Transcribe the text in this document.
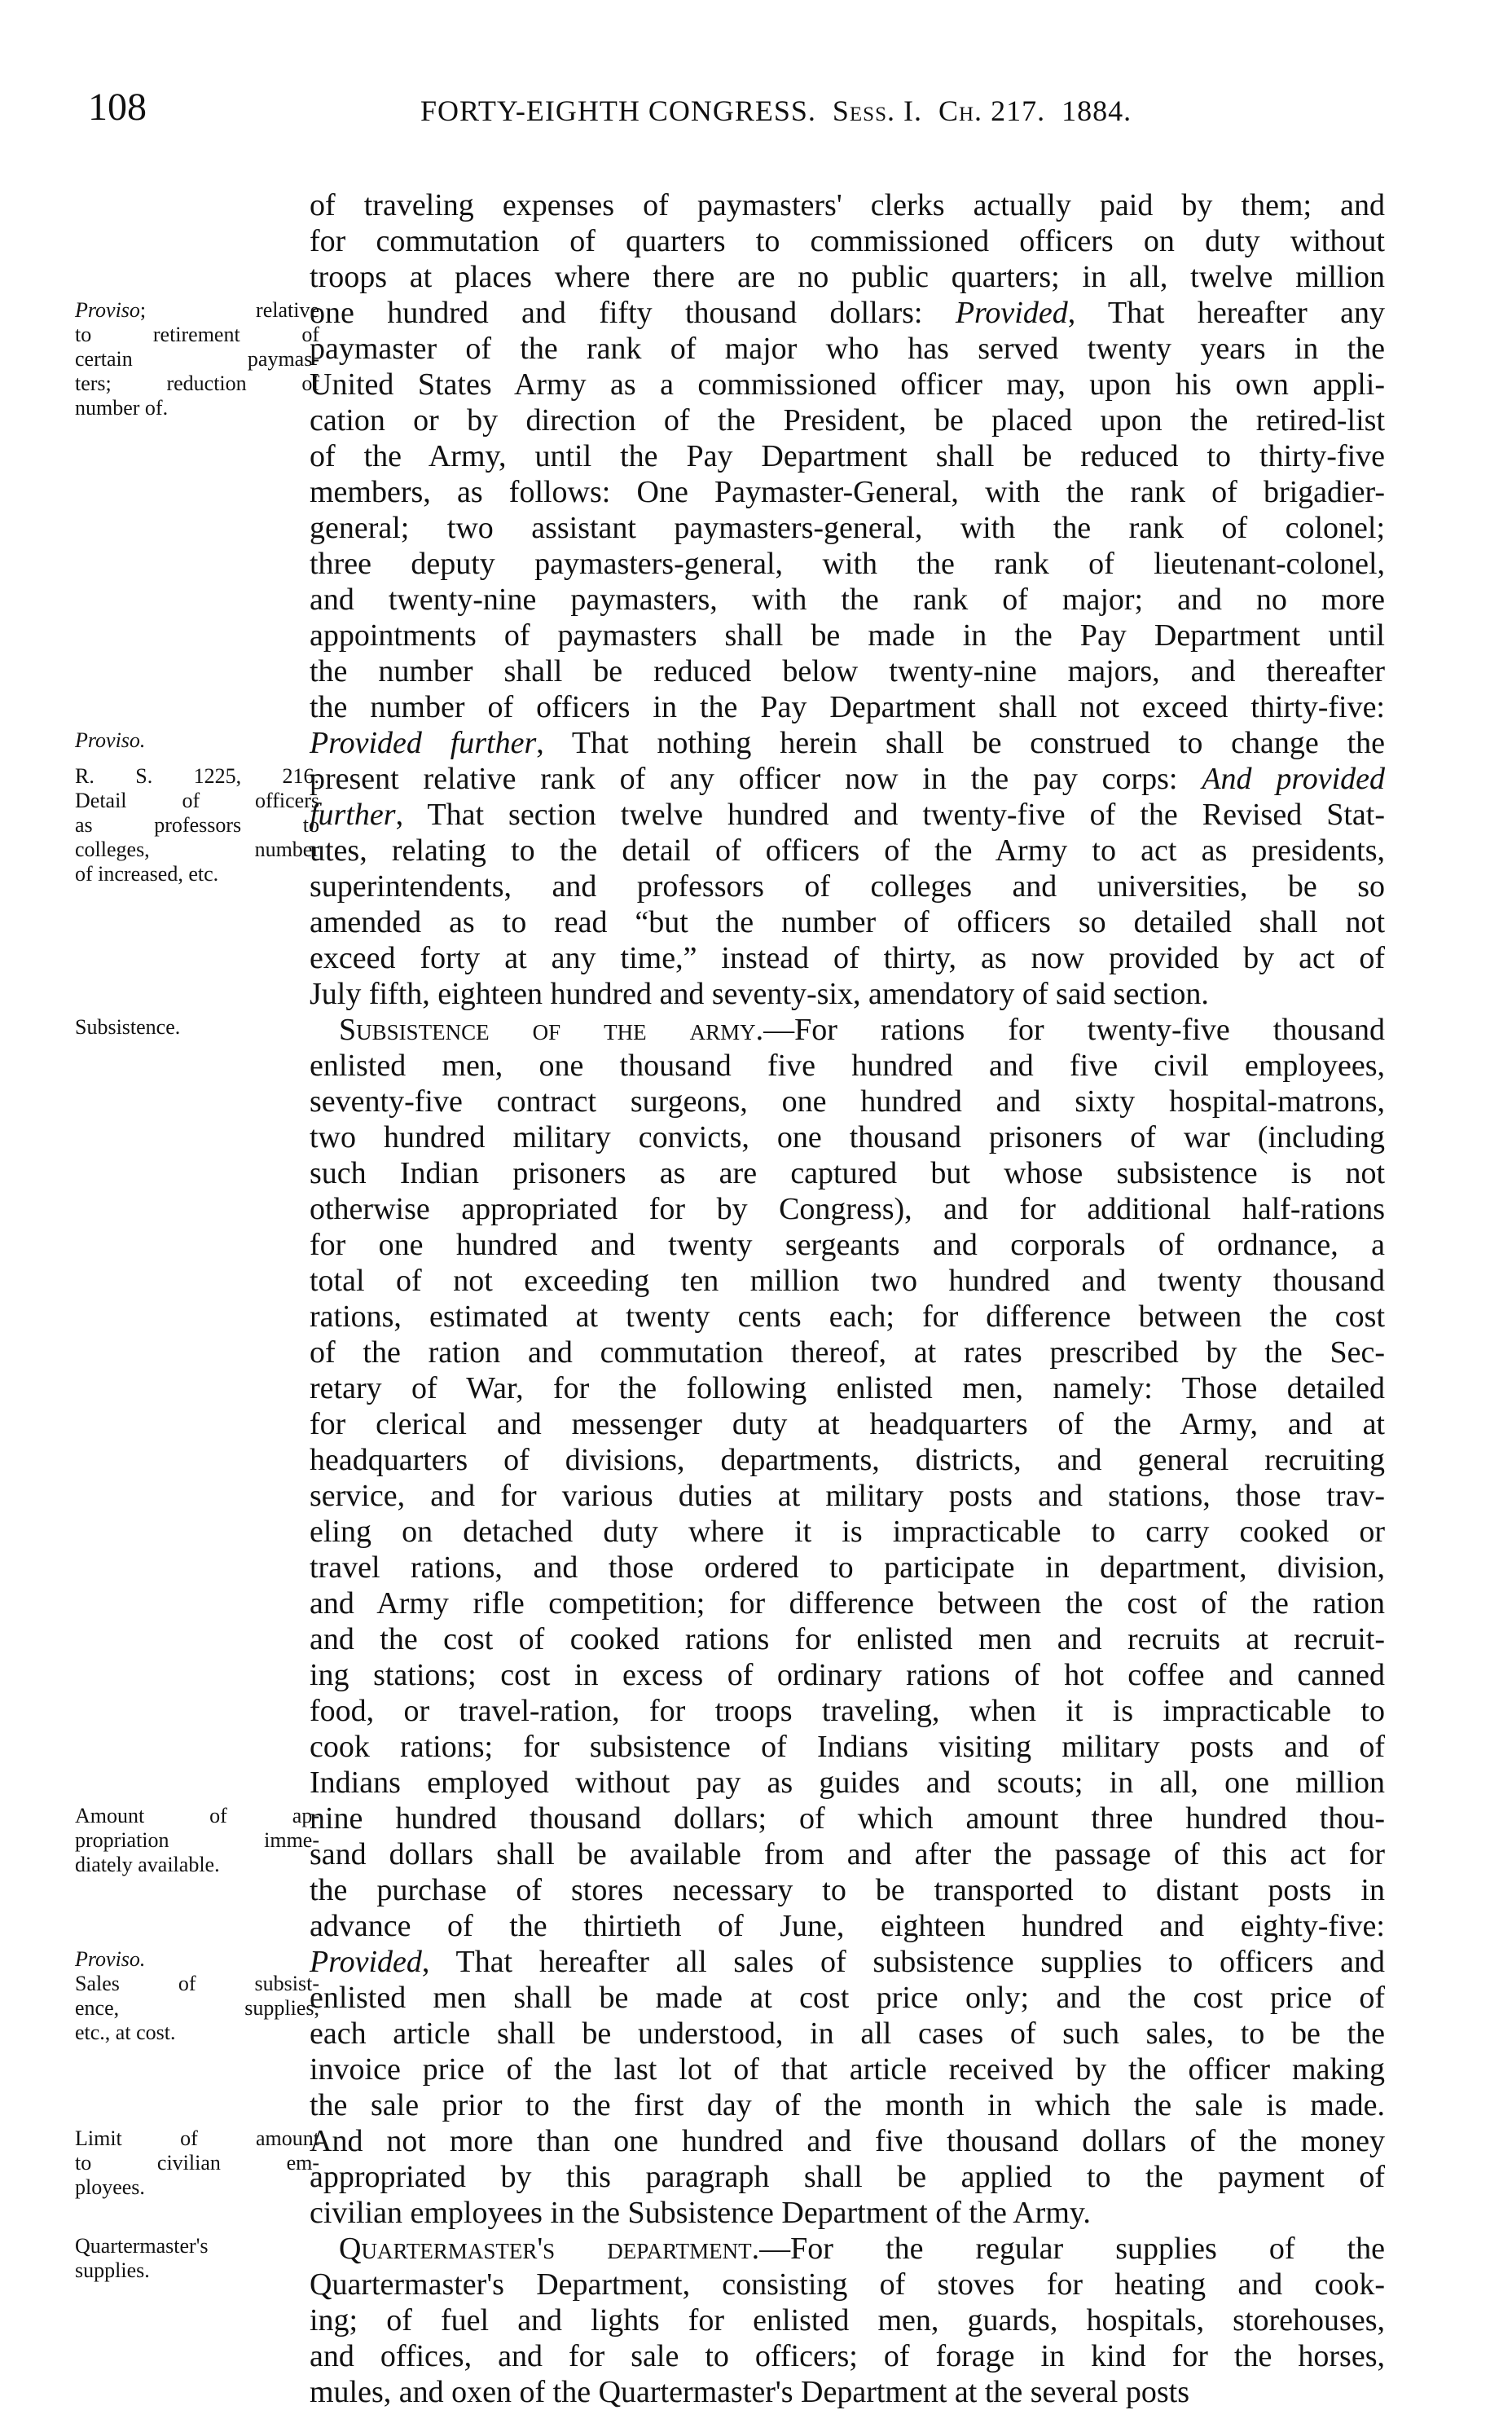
108	FORTY-EIGHTH CONGRESS. Sess. I. Ch. 217. 1884.
Proviso; relative
to retirement of
certain paymas-
ters; reduction of
number of.
Proviso.
R. S. 1225, 216.
Detail of officers
as professors to
colleges, number
of increased, etc.
Subsistence.
Amount of ap-
propriation imme-
diately available.
Proviso.
Sales of subsist-
ence, supplies,
etc., at cost.
Limit of amount
to civilian em-
ployees.
Quartermaster's
supplies.
of traveling expenses of paymasters' clerks actually paid by them; and
for commutation of quarters to commissioned officers on duty without
troops at places where there are no public quarters; in all, twelve million
one hundred and fifty thousand dollars: Provided, That hereafter any
paymaster of the rank of major who has served twenty years in the
United States Army as a commissioned officer may, upon his own appli-
cation or by direction of the President, be placed upon the retired-list
of the Army, until the Pay Department shall be reduced to thirty-five
members, as follows: One Paymaster-General, with the rank of brigadier-
general; two assistant paymasters-general, with the rank of colonel;
three deputy paymasters-general, with the rank of lieutenant-colonel,
and twenty-nine paymasters, with the rank of major; and no more
appointments of paymasters shall be made in the Pay Department until
the number shall be reduced below twenty-nine majors, and thereafter
the number of officers in the Pay Department shall not exceed thirty-five:
Provided further, That nothing herein shall be construed to change the
present relative rank of any officer now in the pay corps: And provided
further, That section twelve hundred and twenty-five of the Revised Stat-
utes, relating to the detail of officers of the Army to act as presidents,
superintendents, and professors of colleges and universities, be so
amended as to read “but the number of officers so detailed shall not
exceed forty at any time,” instead of thirty, as now provided by act of
July fifth, eighteen hundred and seventy-six, amendatory of said section.
Subsistence of the army.—For rations for twenty-five thousand
enlisted men, one thousand five hundred and five civil employees,
seventy-five contract surgeons, one hundred and sixty hospital-matrons,
two hundred military convicts, one thousand prisoners of war (including
such Indian prisoners as are captured but whose subsistence is not
otherwise appropriated for by Congress), and for additional half-rations
for one hundred and twenty sergeants and corporals of ordnance, a
total of not exceeding ten million two hundred and twenty thousand
rations, estimated at twenty cents each; for difference between the cost
of the ration and commutation thereof, at rates prescribed by the Sec-
retary of War, for the following enlisted men, namely: Those detailed
for clerical and messenger duty at headquarters of the Army, and at
headquarters of divisions, departments, districts, and general recruiting
service, and for various duties at military posts and stations, those trav-
eling on detached duty where it is impracticable to carry cooked or
travel rations, and those ordered to participate in department, division,
and Army rifle competition; for difference between the cost of the ration
and the cost of cooked rations for enlisted men and recruits at recruit-
ing stations; cost in excess of ordinary rations of hot coffee and canned
food, or travel-ration, for troops traveling, when it is impracticable to
cook rations; for subsistence of Indians visiting military posts and of
Indians employed without pay as guides and scouts; in all, one million
nine hundred thousand dollars; of which amount three hundred thou-
sand dollars shall be available from and after the passage of this act for
the purchase of stores necessary to be transported to distant posts in
advance of the thirtieth of June, eighteen hundred and eighty-five:
Provided, That hereafter all sales of subsistence supplies to officers and
enlisted men shall be made at cost price only; and the cost price of
each article shall be understood, in all cases of such sales, to be the
invoice price of the last lot of that article received by the officer making
the sale prior to the first day of the month in which the sale is made.
And not more than one hundred and five thousand dollars of the money
appropriated by this paragraph shall be applied to the payment of
civilian employees in the Subsistence Department of the Army.
Quartermaster's department.—For the regular supplies of the
Quartermaster's Department, consisting of stoves for heating and cook-
ing; of fuel and lights for enlisted men, guards, hospitals, storehouses,
and offices, and for sale to officers; of forage in kind for the horses,
mules, and oxen of the Quartermaster's Department at the several posts
